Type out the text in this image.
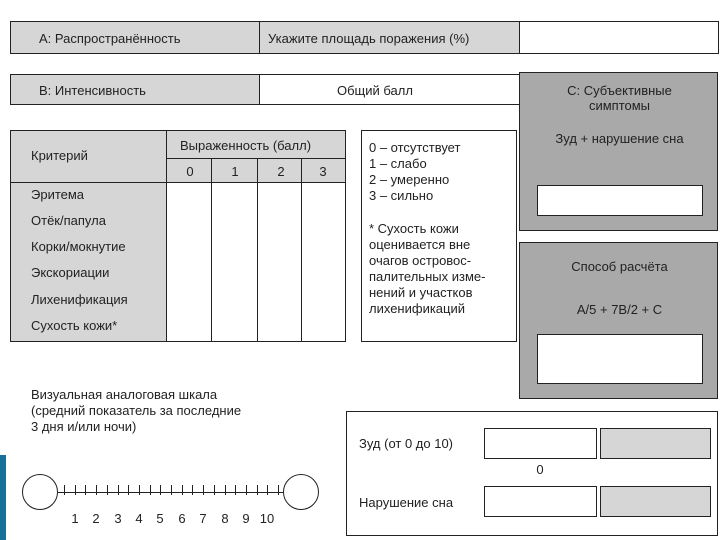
A: Распространённость	Укажите площадь поражения (%)
B: Интенсивность	Общий балл
Критерий
Выраженность (балл)
0	1	2	3
Эритема
Отёк/папула
Корки/мокнутие
Экскориации
Лихенификация
Сухость кожи*
0 – отсутствует
1 – слабо
2 – умеренно
3 – сильно
* Сухость кожи
оценивается вне
очагов островос-
палительных измe-
нений и участков
лихенификаций
С: Субъективные
симптомы
Зуд + нарушение сна
Способ расчёта
A/5 + 7B/2 + C
Визуальная аналоговая шкала
(средний показатель за последние
3 дня и/или ночи)
1	2	3	4	5	6	7	8	9 10
Зуд (от 0 до 10)
0
Нарушение сна
